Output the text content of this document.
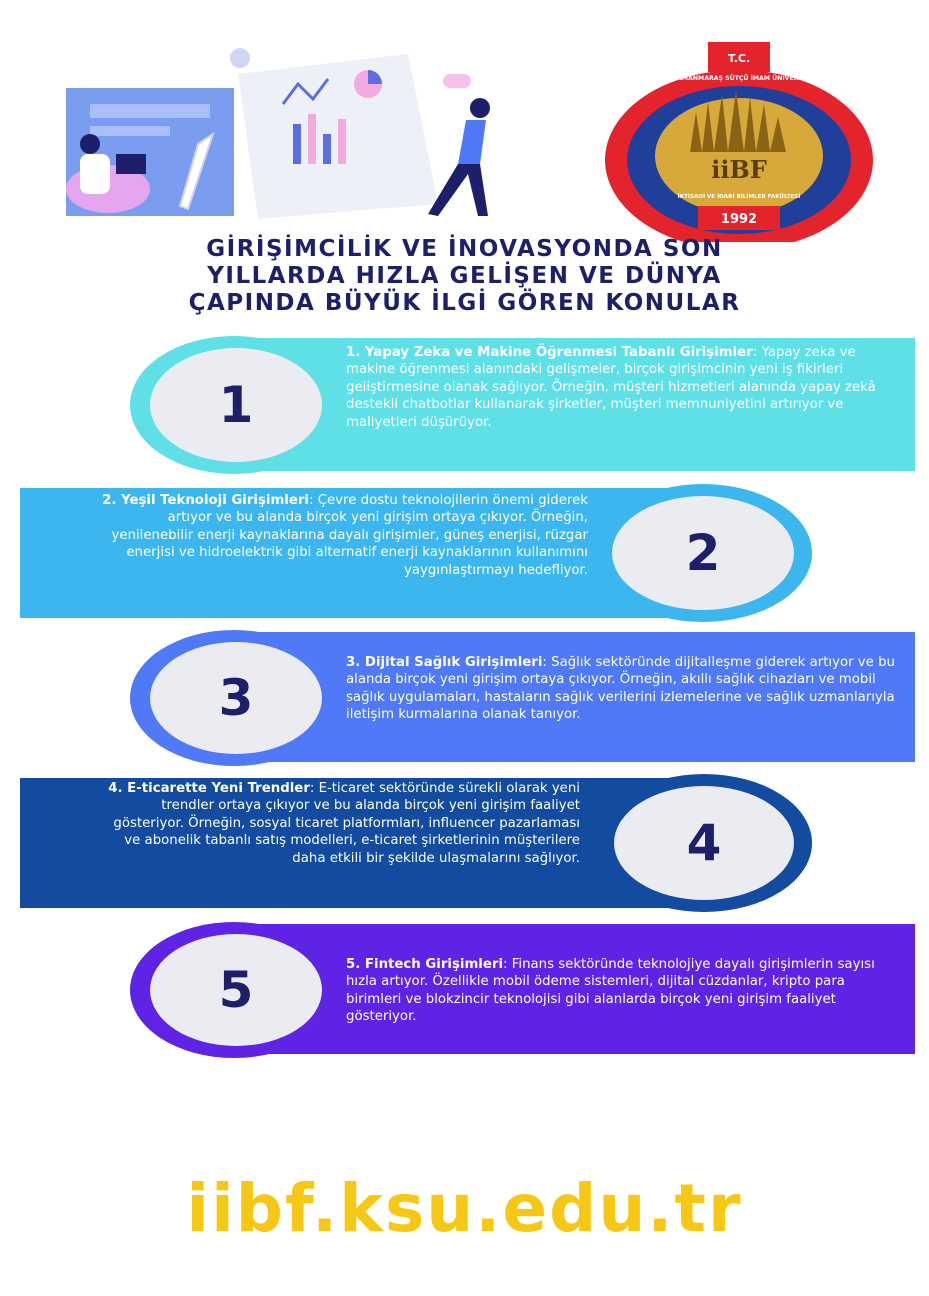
T.C.
1992
iiBF
İKTİSADİ VE İDARİ BİLİMLER FAKÜLTESİ
KAHRAMANMARAŞ SÜTÇÜ İMAM ÜNİVERSİTESİ
GİRİŞİMCİLİK VE İNOVASYONDA SON
YILLARDA HIZLA GELİŞEN VE DÜNYA
ÇAPINDA BÜYÜK İLGİ GÖREN KONULAR
1
1. Yapay Zeka ve Makine Öğrenmesi Tabanlı Girişimler: Yapay zeka ve makine öğrenmesi alanındaki gelişmeler, birçok girişimcinin yeni iş fikirleri geliştirmesine olanak sağlıyor. Örneğin, müşteri hizmetleri alanında yapay zekâ destekli chatbotlar kullanarak şirketler, müşteri memnuniyetini artırıyor ve maliyetleri düşürüyor.
2
2. Yeşil Teknoloji Girişimleri: Çevre dostu teknolojilerin önemi giderek artıyor ve bu alanda birçok yeni girişim ortaya çıkıyor. Örneğin, yenilenebilir enerji kaynaklarına dayalı girişimler, güneş enerjisi, rüzgar enerjisi ve hidroelektrik gibi alternatif enerji kaynaklarının kullanımını yaygınlaştırmayı hedefliyor.
3
3. Dijital Sağlık Girişimleri: Sağlık sektöründe dijitalleşme giderek artıyor ve bu alanda birçok yeni girişim ortaya çıkıyor. Örneğin, akıllı sağlık cihazları ve mobil sağlık uygulamaları, hastaların sağlık verilerini izlemelerine ve sağlık uzmanlarıyla iletişim kurmalarına olanak tanıyor.
4
4. E-ticarette Yeni Trendler: E-ticaret sektöründe sürekli olarak yeni trendler ortaya çıkıyor ve bu alanda birçok yeni girişim faaliyet gösteriyor. Örneğin, sosyal ticaret platformları, influencer pazarlaması ve abonelik tabanlı satış modelleri, e-ticaret şirketlerinin müşterilere daha etkili bir şekilde ulaşmalarını sağlıyor.
5	5. Fintech Girişimleri: Finans sektöründe teknolojiye dayalı girişimlerin sayısı hızla artıyor. Özellikle mobil ödeme sistemleri, dijital cüzdanlar, kripto para birimleri ve blokzincir teknolojisi gibi alanlarda birçok yeni girişim faaliyet gösteriyor.
iibf.ksu.edu.tr
